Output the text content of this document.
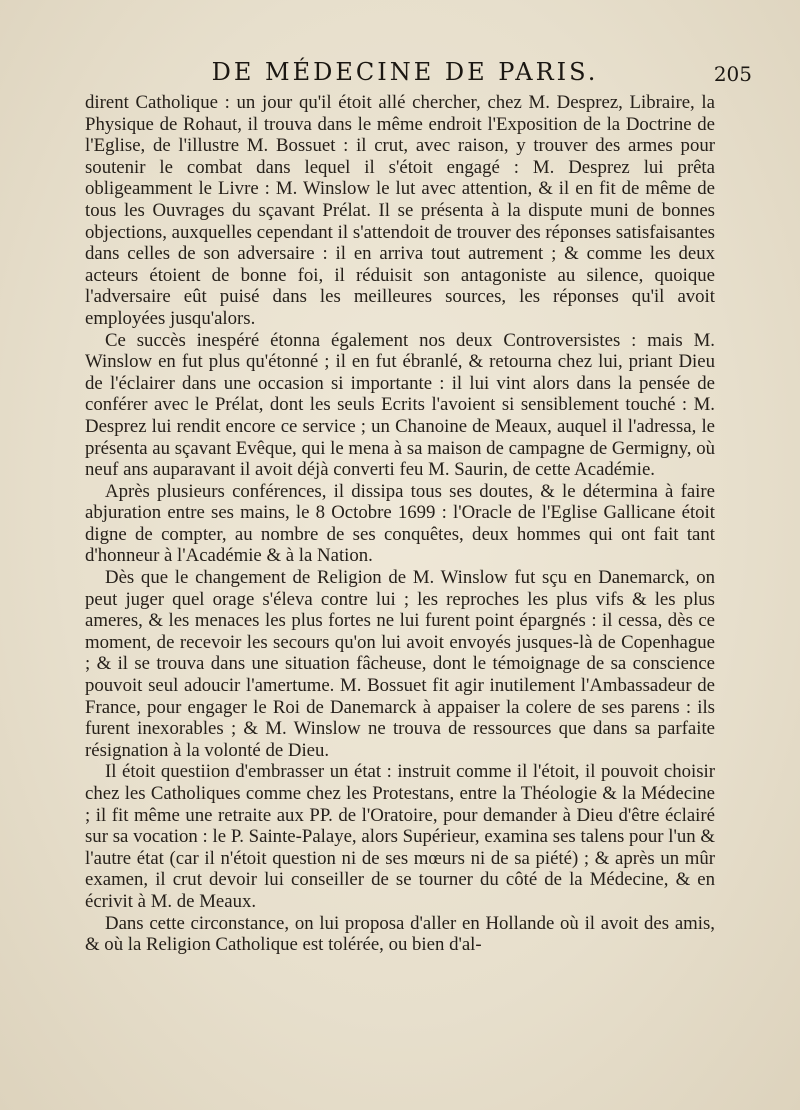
DE MÉDECINE DE PARIS.	205

dirent Catholique : un jour qu'il étoit allé chercher, chez M. Desprez, Libraire, la Physique de Rohaut, il trouva dans le même endroit l'Exposition de la Doctrine de l'Eglise, de l'illustre M. Bossuet : il crut, avec raison, y trouver des armes pour soutenir le combat dans lequel il s'étoit engagé : M. Desprez lui prêta obligeamment le Livre : M. Winslow le lut avec attention, & il en fit de même de tous les Ouvrages du sçavant Prélat. Il se présenta à la dispute muni de bonnes objections, auxquelles cependant il s'attendoit de trouver des réponses satisfaisantes dans celles de son adversaire : il en arriva tout autrement ; & comme les deux acteurs étoient de bonne foi, il réduisit son antagoniste au silence, quoique l'adversaire eût puisé dans les meilleures sources, les réponses qu'il avoit employées jusqu'alors.

Ce succès inespéré étonna également nos deux Controversistes : mais M. Winslow en fut plus qu'étonné ; il en fut ébranlé, & retourna chez lui, priant Dieu de l'éclairer dans une occasion si importante : il lui vint alors dans la pensée de conférer avec le Prélat, dont les seuls Ecrits l'avoient si sensiblement touché : M. Desprez lui rendit encore ce service ; un Chanoine de Meaux, auquel il l'adressa, le présenta au sçavant Evêque, qui le mena à sa maison de campagne de Germigny, où neuf ans auparavant il avoit déjà converti feu M. Saurin, de cette Académie.

Après plusieurs conférences, il dissipa tous ses doutes, & le détermina à faire abjuration entre ses mains, le 8 Octobre 1699 : l'Oracle de l'Eglise Gallicane étoit digne de compter, au nombre de ses conquêtes, deux hommes qui ont fait tant d'honneur à l'Académie & à la Nation.

Dès que le changement de Religion de M. Winslow fut sçu en Danemarck, on peut juger quel orage s'éleva contre lui ; les reproches les plus vifs & les plus ameres, & les menaces les plus fortes ne lui furent point épargnés : il cessa, dès ce moment, de recevoir les secours qu'on lui avoit envoyés jusques-là de Copenhague ; & il se trouva dans une situation fâcheuse, dont le témoignage de sa conscience pouvoit seul adoucir l'amertume. M. Bossuet fit agir inutilement l'Ambassadeur de France, pour engager le Roi de Danemarck à appaiser la colere de ses parens : ils furent inexorables ; & M. Winslow ne trouva de ressources que dans sa parfaite résignation à la volonté de Dieu.

Il étoit questiion d'embrasser un état : instruit comme il l'étoit, il pouvoit choisir chez les Catholiques comme chez les Protestans, entre la Théologie & la Médecine ; il fit même une retraite aux PP. de l'Oratoire, pour demander à Dieu d'être éclairé sur sa vocation : le P. Sainte-Palaye, alors Supérieur, examina ses talens pour l'un & l'autre état (car il n'étoit question ni de ses mœurs ni de sa piété) ; & après un mûr examen, il crut devoir lui conseiller de se tourner du côté de la Médecine, & en écrivit à M. de Meaux.

Dans cette circonstance, on lui proposa d'aller en Hollande où il avoit des amis, & où la Religion Catholique est tolérée, ou bien d'al-
